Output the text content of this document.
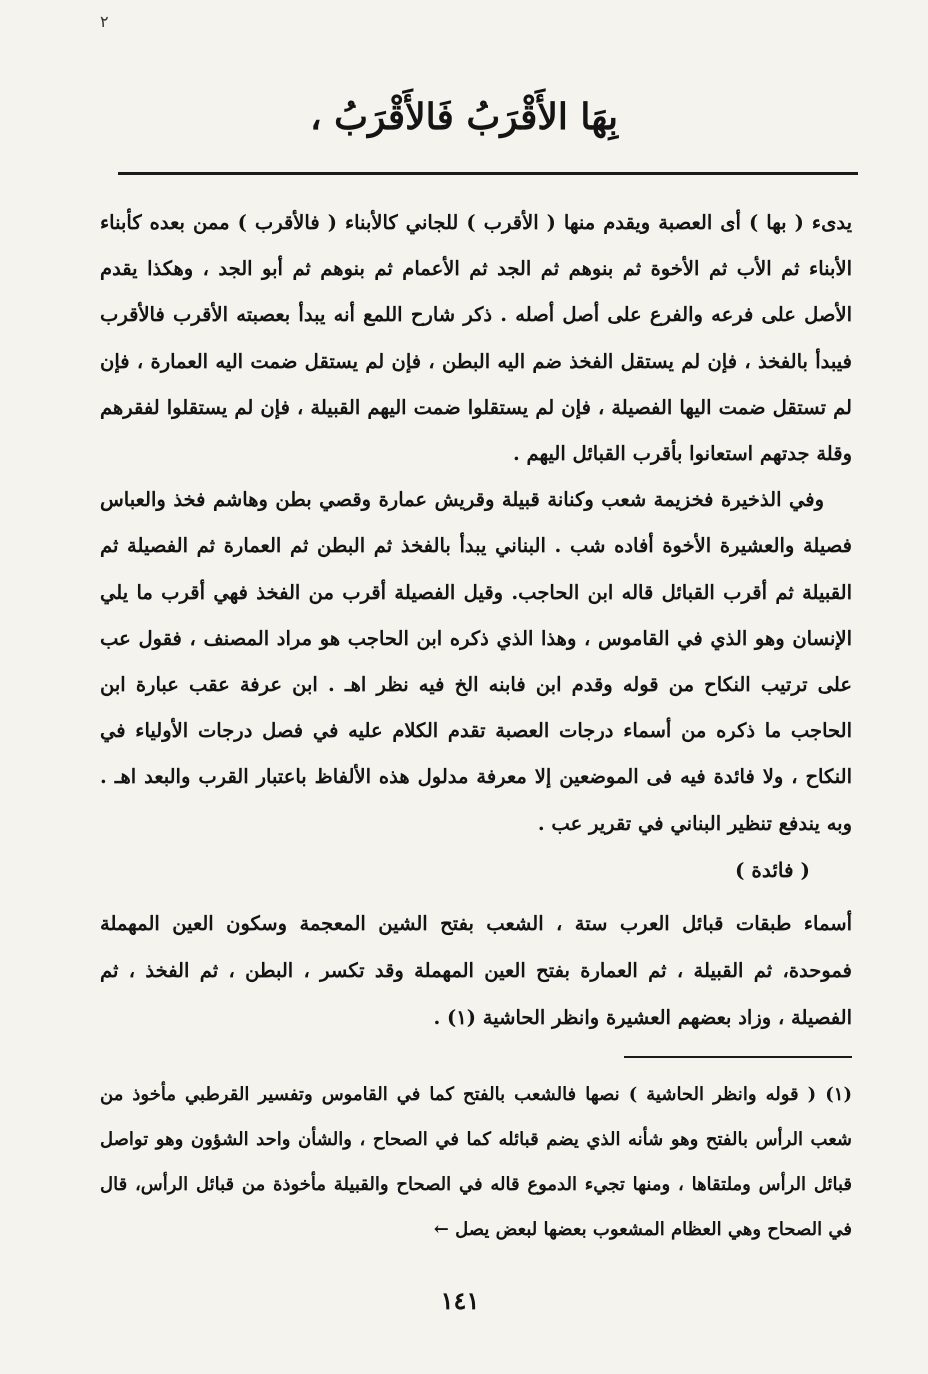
٢
بِهَا الأَقْرَبُ فَالأَقْرَبُ ،

يدىء ( بها ) أى العصبة ويقدم منها ( الأقرب ) للجاني كالأبناء ( فالأقرب ) ممن بعده كأبناء الأبناء ثم الأب ثم الأخوة ثم بنوهم ثم الجد ثم الأعمام ثم بنوهم ثم أبو الجد ، وهكذا يقدم الأصل على فرعه والفرع على أصل أصله . ذكر شارح اللمع أنه يبدأ بعصبته الأقرب فالأقرب فيبدأ بالفخذ ، فإن لم يستقل الفخذ ضم اليه البطن ، فإن لم يستقل ضمت اليه العمارة ، فإن لم تستقل ضمت اليها الفصيلة ، فإن لم يستقلوا ضمت اليهم القبيلة ، فإن لم يستقلوا لفقرهم وقلة جدتهم استعانوا بأقرب القبائل اليهم .

وفي الذخيرة فخزيمة شعب وكنانة قبيلة وقريش عمارة وقصي بطن وهاشم فخذ والعباس فصيلة والعشيرة الأخوة أفاده شب . البناني يبدأ بالفخذ ثم البطن ثم العمارة ثم الفصيلة ثم القبيلة ثم أقرب القبائل قاله ابن الحاجب. وقيل الفصيلة أقرب من الفخذ فهي أقرب ما يلي الإنسان وهو الذي في القاموس ، وهذا الذي ذكره ابن الحاجب هو مراد المصنف ، فقول عب على ترتيب النكاح من قوله وقدم ابن فابنه الخ فيه نظر اهـ . ابن عرفة عقب عبارة ابن الحاجب ما ذكره من أسماء درجات العصبة تقدم الكلام عليه في فصل درجات الأولياء في النكاح ، ولا فائدة فيه فى الموضعين إلا معرفة مدلول هذه الألفاظ باعتبار القرب والبعد اهـ . وبه يندفع تنظير البناني في تقرير عب .

( فائدة )

أسماء طبقات قبائل العرب ستة ، الشعب بفتح الشين المعجمة وسكون العين المهملة فموحدة، ثم القبيلة ، ثم العمارة بفتح العين المهملة وقد تكسر ، البطن ، ثم الفخذ ، ثم الفصيلة ، وزاد بعضهم العشيرة وانظر الحاشية (١) .

(١) ( قوله وانظر الحاشية ) نصها فالشعب بالفتح كما في القاموس وتفسير القرطبي مأخوذ من شعب الرأس بالفتح وهو شأنه الذي يضم قبائله كما في الصحاح ، والشأن واحد الشؤون وهو تواصل قبائل الرأس وملتقاها ، ومنها تجيء الدموع قاله في الصحاح والقبيلة مأخوذة من قبائل الرأس، قال في الصحاح وهي العظام المشعوب بعضها لبعض يصل ←

١٤١
